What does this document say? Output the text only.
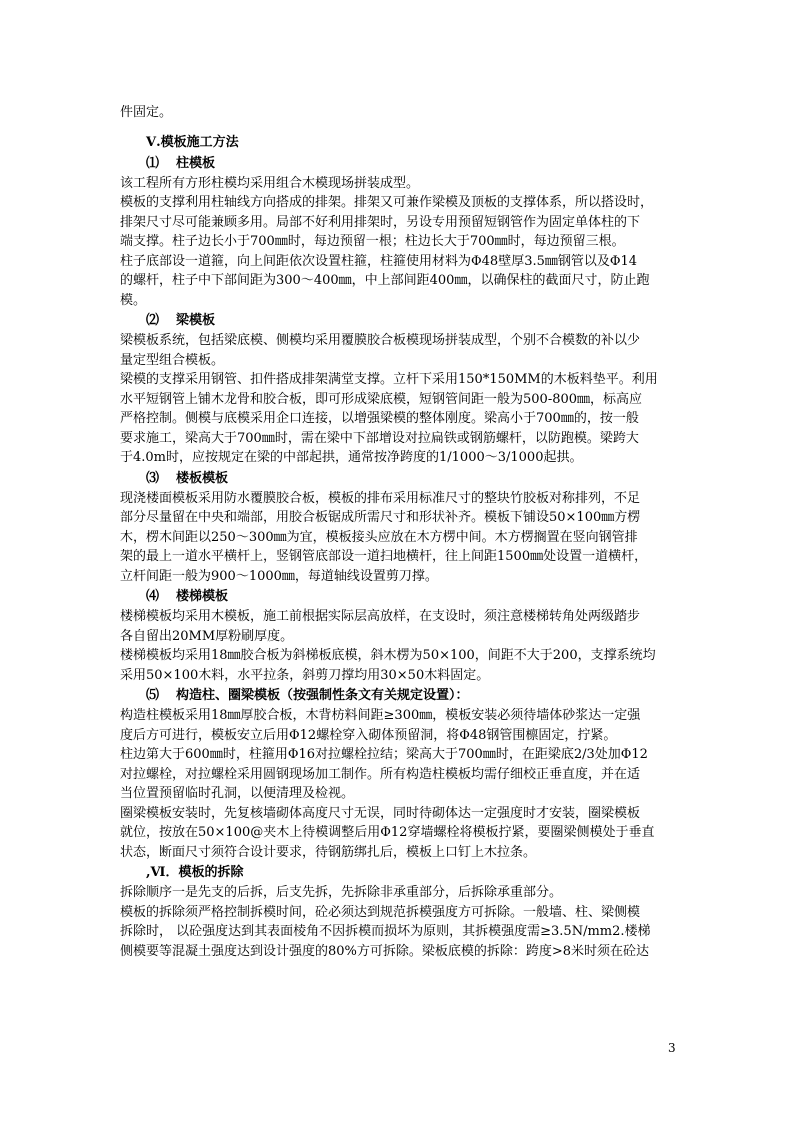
件固定。
Ⅴ.模板施工方法
⑴ 柱模板
该工程所有方形柱模均采用组合木模现场拼装成型。
模板的支撑利用柱轴线方向搭成的排架。排架又可兼作梁模及顶板的支撑体系，所以搭设时，
排架尺寸尽可能兼顾多用。局部不好利用排架时，另设专用预留短钢管作为固定单体柱的下
端支撑。柱子边长小于700㎜时，每边预留一根；柱边长大于700㎜时，每边预留三根。
柱子底部设一道箍，向上间距依次设置柱箍，柱箍使用材料为Φ48壁厚3.5㎜钢管以及Φ14
的螺杆，柱子中下部间距为300～400㎜，中上部间距400㎜，以确保柱的截面尺寸，防止跑
模。
⑵ 梁模板
梁模板系统，包括梁底模、侧模均采用覆膜胶合板模现场拼装成型，个别不合模数的补以少
量定型组合模板。
梁模的支撑采用钢管、扣件搭成排架满堂支撑。立杆下采用150*150MM的木板料垫平。利用
水平短钢管上铺木龙骨和胶合板，即可形成梁底模，短钢管间距一般为500-800㎜，标高应
严格控制。侧模与底模采用企口连接，以增强梁模的整体刚度。梁高小于700㎜的，按一般
要求施工，梁高大于700㎜时，需在梁中下部增设对拉扁铁或钢筋螺杆，以防跑模。梁跨大
于4.0m时，应按规定在梁的中部起拱，通常按净跨度的1/1000～3/1000起拱。
⑶ 楼板模板
现浇楼面模板采用防水覆膜胶合板，模板的排布采用标准尺寸的整块竹胶板对称排列，不足
部分尽量留在中央和端部，用胶合板锯成所需尺寸和形状补齐。模板下铺设50×100㎜方楞
木，楞木间距以250～300㎜为宜，模板接头应放在木方楞中间。木方楞搁置在竖向钢管排
架的最上一道水平横杆上，竖钢管底部设一道扫地横杆，往上间距1500㎜处设置一道横杆，
立杆间距一般为900～1000㎜，每道轴线设置剪刀撑。
⑷ 楼梯模板
楼梯模板均采用木模板，施工前根据实际层高放样，在支设时，须注意楼梯转角处两级踏步
各自留出20MM厚粉刷厚度。
楼梯模板均采用18㎜胶合板为斜梯板底模，斜木楞为50×100，间距不大于200，支撑系统均
采用50×100木料，水平拉条，斜剪刀撑均用30×50木料固定。
⑸ 构造柱、圈梁模板（按强制性条文有关规定设置）：
构造柱模板采用18㎜厚胶合板，木背枋料间距≥300㎜，模板安装必须待墙体砂浆达一定强
度后方可进行，模板安立后用Φ12螺栓穿入砌体预留洞，将Φ48钢管围檩固定，拧紧。
柱边第大于600㎜时，柱箍用Φ16对拉螺栓拉结；梁高大于700㎜时，在距梁底2/3处加Φ12
对拉螺栓，对拉螺栓采用圆钢现场加工制作。所有构造柱模板均需仔细校正垂直度，并在适
当位置预留临时孔洞，以便清理及检视。
圈梁模板安装时，先复核墙砌体高度尺寸无误，同时待砌体达一定强度时才安装，圈梁模板
就位，按放在50×100@夹木上待模调整后用Φ12穿墙螺栓将模板拧紧，要圈梁侧模处于垂直
状态，断面尺寸须符合设计要求，待钢筋绑扎后，模板上口钉上木拉条。
,Ⅵ．模板的拆除
拆除顺序一是先支的后拆，后支先拆，先拆除非承重部分，后拆除承重部分。
模板的拆除须严格控制拆模时间，砼必须达到规范拆模强度方可拆除。一般墙、柱、梁侧模
拆除时， 以砼强度达到其表面棱角不因拆模而损坏为原则，其拆模强度需≥3.5N/mm2.楼梯
侧模要等混凝土强度达到设计强度的80%方可拆除。梁板底模的拆除：跨度>8米时须在砼达
3
